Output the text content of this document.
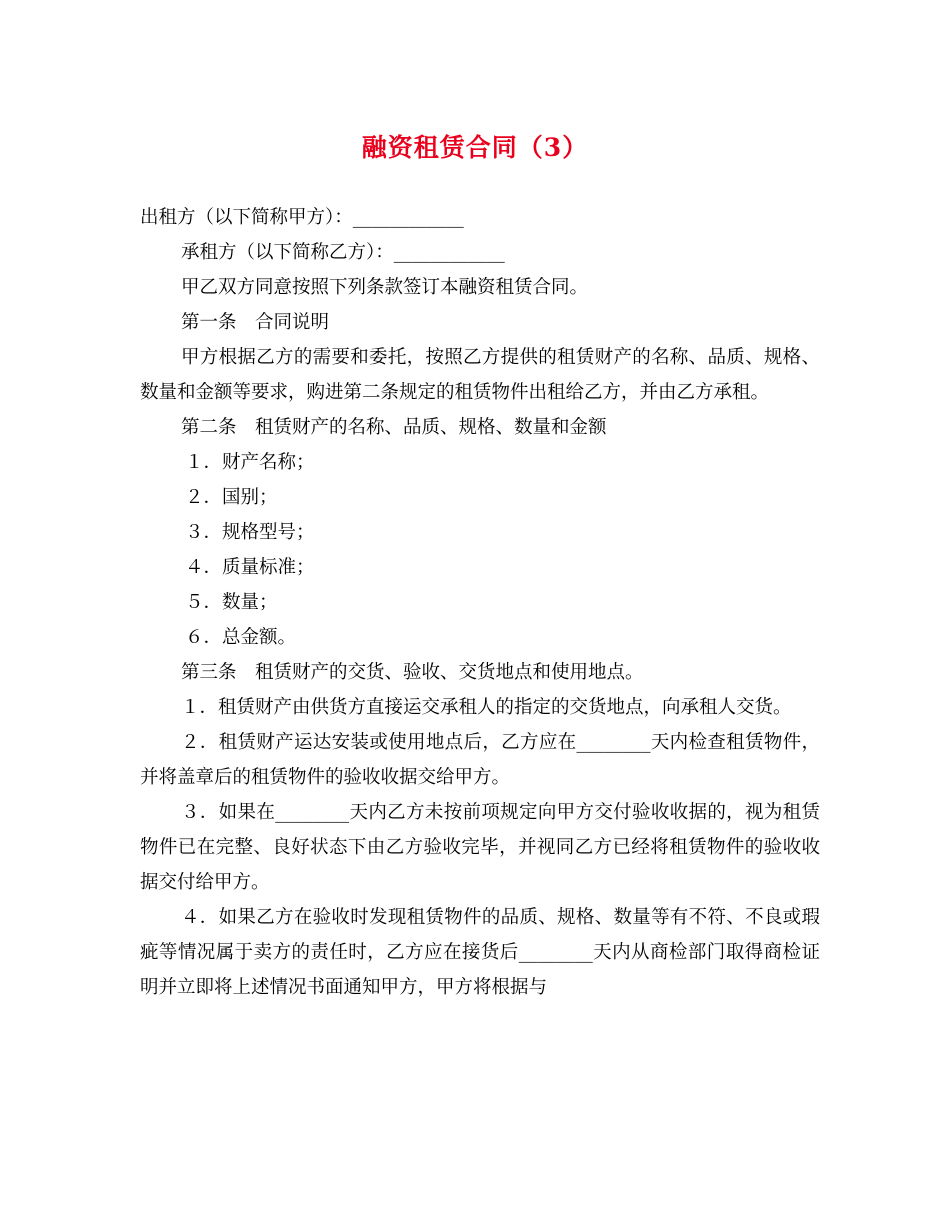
融资租赁合同（3）

出租方（以下简称甲方）：____________

承租方（以下简称乙方）：____________

甲乙双方同意按照下列条款签订本融资租赁合同。

第一条　合同说明

甲方根据乙方的需要和委托，按照乙方提供的租赁财产的名称、品质、规格、数量和金额等要求，购进第二条规定的租赁物件出租给乙方，并由乙方承租。

第二条　租赁财产的名称、品质、规格、数量和金额

１．财产名称；

２．国别；

３．规格型号；

４．质量标准；

５．数量；

６．总金额。

第三条　租赁财产的交货、验收、交货地点和使用地点。

１．租赁财产由供货方直接运交承租人的指定的交货地点，向承租人交货。

２．租赁财产运达安装或使用地点后，乙方应在________天内检查租赁物件，并将盖章后的租赁物件的验收收据交给甲方。

３．如果在________天内乙方未按前项规定向甲方交付验收收据的，视为租赁物件已在完整、良好状态下由乙方验收完毕，并视同乙方已经将租赁物件的验收收据交付给甲方。

４．如果乙方在验收时发现租赁物件的品质、规格、数量等有不符、不良或瑕疵等情况属于卖方的责任时，乙方应在接货后________天内从商检部门取得商检证明并立即将上述情况书面通知甲方，甲方将根据与
